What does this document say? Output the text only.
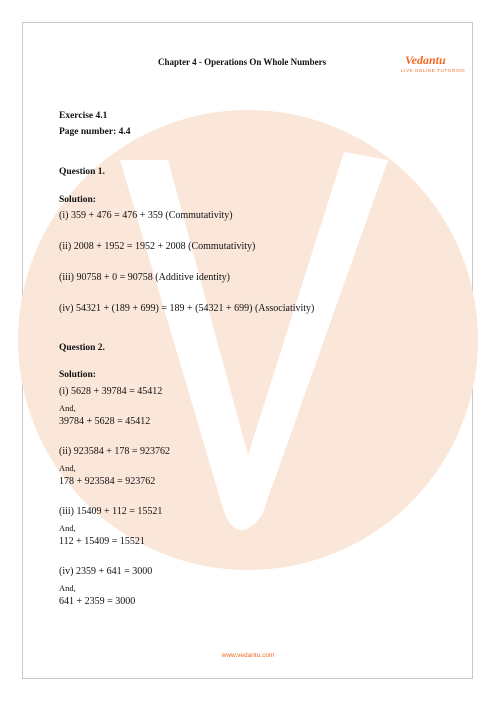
Chapter 4 - Operations On Whole Numbers	Vedantu
LIVE ONLINE TUTORING
Exercise 4.1
Page number: 4.4
Question 1.
Solution:
(i) 359 + 476 = 476 + 359 (Commutativity)
(ii) 2008 + 1952 = 1952 + 2008 (Commutativity)
(iii) 90758 + 0 = 90758 (Additive identity)
(iv) 54321 + (189 + 699) = 189 + (54321 + 699) (Associativity)
Question 2.
Solution:
(i) 5628 + 39784 = 45412
And,
39784 + 5628 = 45412
(ii) 923584 + 178 = 923762
And,
178 + 923584 = 923762
(iii) 15409 + 112 = 15521
And,
112 + 15409 = 15521
(iv) 2359 + 641 = 3000
And,
641 + 2359 = 3000
www.vedantu.com
